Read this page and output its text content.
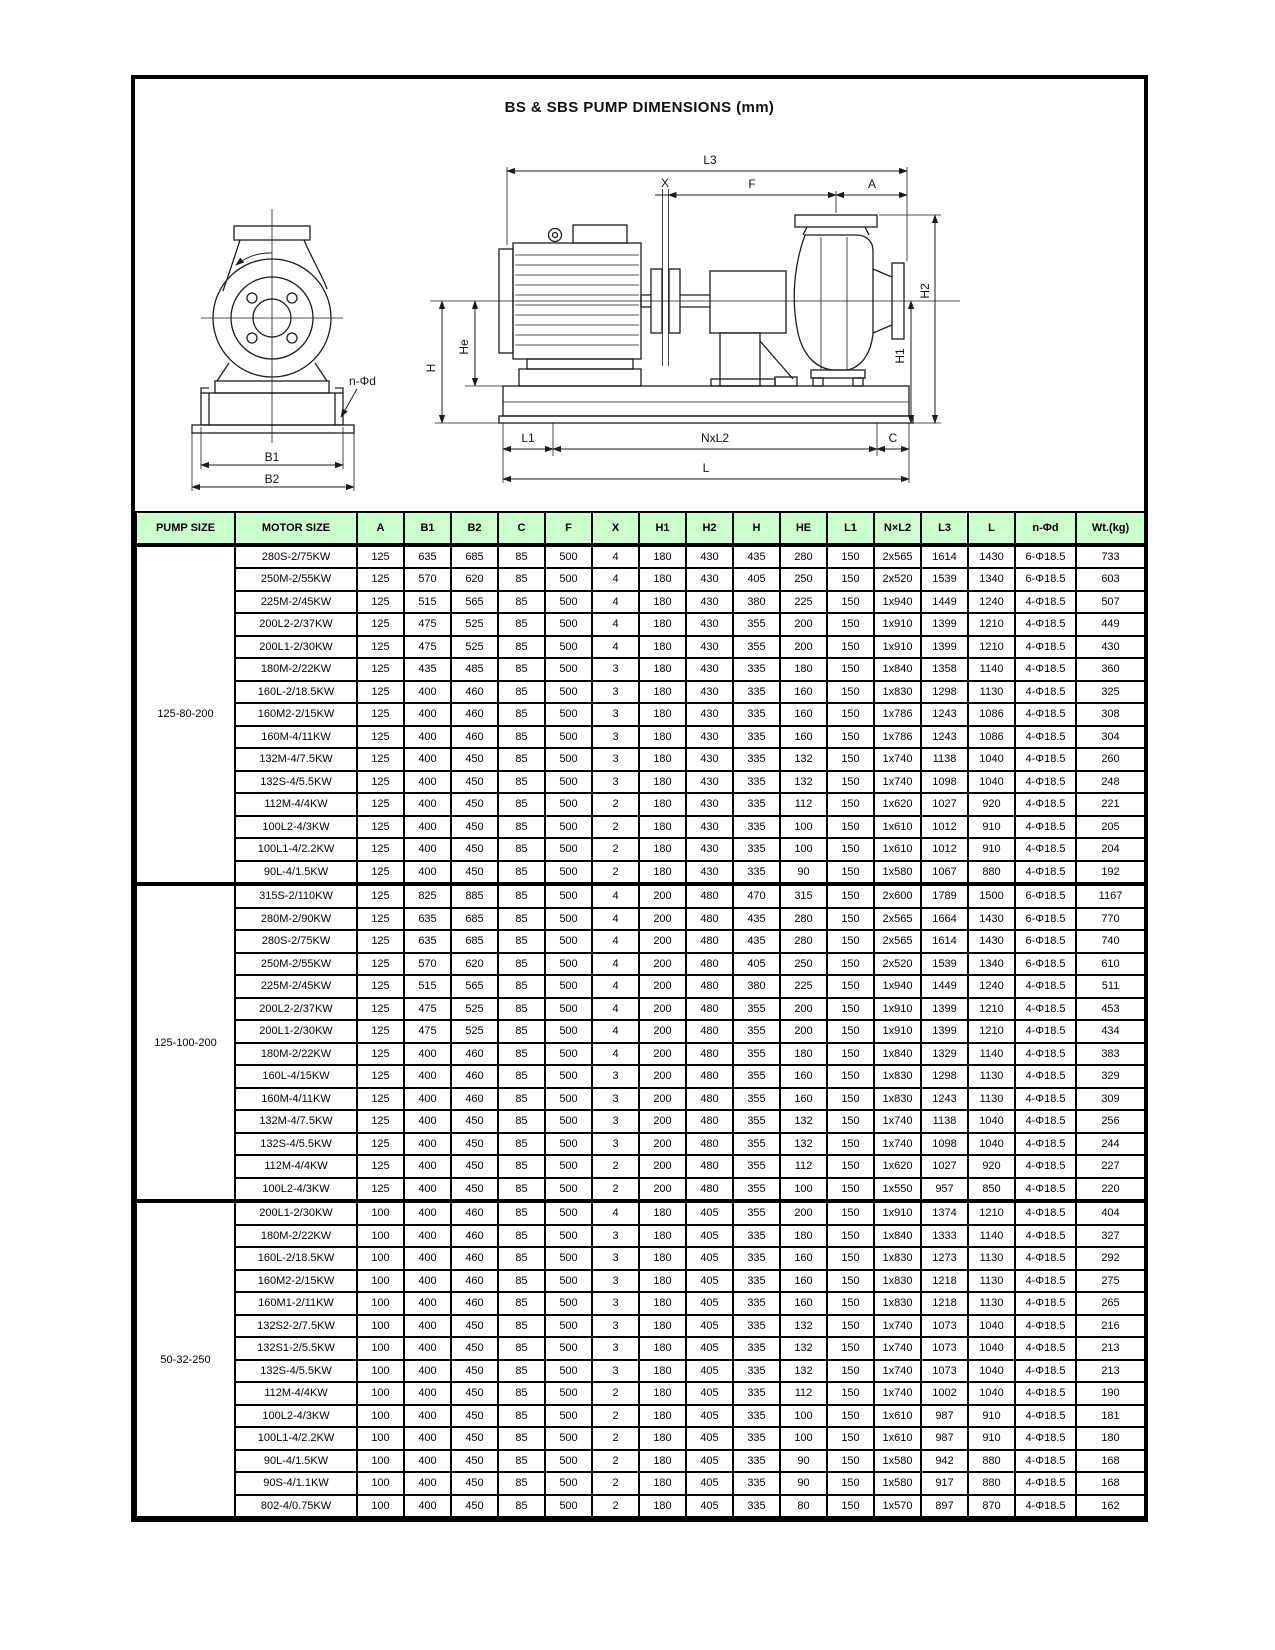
BS & SBS PUMP DIMENSIONS (mm)
n-Φd
B1
B2
L3
X	F	A
H2
H1
H
He
L1	NxL2	C
L
PUMP SIZE	MOTOR SIZE	A	B1	B2	C	F	X	H1	H2	H	HE	L1	N×L2	L3	L	n-Φd	Wt.(kg)
125-80-200	280S-2/75KW	125	635	685	85	500	4	180	430	435	280	150	2x565	1614	1430	6-Φ18.5	733
	250M-2/55KW	125	570	620	85	500	4	180	430	405	250	150	2x520	1539	1340	6-Φ18.5	603
	225M-2/45KW	125	515	565	85	500	4	180	430	380	225	150	1x940	1449	1240	4-Φ18.5	507
	200L2-2/37KW	125	475	525	85	500	4	180	430	355	200	150	1x910	1399	1210	4-Φ18.5	449
	200L1-2/30KW	125	475	525	85	500	4	180	430	355	200	150	1x910	1399	1210	4-Φ18.5	430
	180M-2/22KW	125	435	485	85	500	3	180	430	335	180	150	1x840	1358	1140	4-Φ18.5	360
	160L-2/18.5KW	125	400	460	85	500	3	180	430	335	160	150	1x830	1298	1130	4-Φ18.5	325
	160M2-2/15KW	125	400	460	85	500	3	180	430	335	160	150	1x786	1243	1086	4-Φ18.5	308
	160M-4/11KW	125	400	460	85	500	3	180	430	335	160	150	1x786	1243	1086	4-Φ18.5	304
	132M-4/7.5KW	125	400	450	85	500	3	180	430	335	132	150	1x740	1138	1040	4-Φ18.5	260
	132S-4/5.5KW	125	400	450	85	500	3	180	430	335	132	150	1x740	1098	1040	4-Φ18.5	248
	112M-4/4KW	125	400	450	85	500	2	180	430	335	112	150	1x620	1027	920	4-Φ18.5	221
	100L2-4/3KW	125	400	450	85	500	2	180	430	335	100	150	1x610	1012	910	4-Φ18.5	205
	100L1-4/2.2KW	125	400	450	85	500	2	180	430	335	100	150	1x610	1012	910	4-Φ18.5	204
	90L-4/1.5KW	125	400	450	85	500	2	180	430	335	90	150	1x580	1067	880	4-Φ18.5	192
125-100-200	315S-2/110KW	125	825	885	85	500	4	200	480	470	315	150	2x600	1789	1500	6-Φ18.5	1167
	280M-2/90KW	125	635	685	85	500	4	200	480	435	280	150	2x565	1664	1430	6-Φ18.5	770
	280S-2/75KW	125	635	685	85	500	4	200	480	435	280	150	2x565	1614	1430	6-Φ18.5	740
	250M-2/55KW	125	570	620	85	500	4	200	480	405	250	150	2x520	1539	1340	6-Φ18.5	610
	225M-2/45KW	125	515	565	85	500	4	200	480	380	225	150	1x940	1449	1240	4-Φ18.5	511
	200L2-2/37KW	125	475	525	85	500	4	200	480	355	200	150	1x910	1399	1210	4-Φ18.5	453
	200L1-2/30KW	125	475	525	85	500	4	200	480	355	200	150	1x910	1399	1210	4-Φ18.5	434
	180M-2/22KW	125	400	460	85	500	4	200	480	355	180	150	1x840	1329	1140	4-Φ18.5	383
	160L-4/15KW	125	400	460	85	500	3	200	480	355	160	150	1x830	1298	1130	4-Φ18.5	329
	160M-4/11KW	125	400	460	85	500	3	200	480	355	160	150	1x830	1243	1130	4-Φ18.5	309
	132M-4/7.5KW	125	400	450	85	500	3	200	480	355	132	150	1x740	1138	1040	4-Φ18.5	256
	132S-4/5.5KW	125	400	450	85	500	3	200	480	355	132	150	1x740	1098	1040	4-Φ18.5	244
	112M-4/4KW	125	400	450	85	500	2	200	480	355	112	150	1x620	1027	920	4-Φ18.5	227
	100L2-4/3KW	125	400	450	85	500	2	200	480	355	100	150	1x550	957	850	4-Φ18.5	220
50-32-250	200L1-2/30KW	100	400	460	85	500	4	180	405	355	200	150	1x910	1374	1210	4-Φ18.5	404
	180M-2/22KW	100	400	460	85	500	3	180	405	335	180	150	1x840	1333	1140	4-Φ18.5	327
	160L-2/18.5KW	100	400	460	85	500	3	180	405	335	160	150	1x830	1273	1130	4-Φ18.5	292
	160M2-2/15KW	100	400	460	85	500	3	180	405	335	160	150	1x830	1218	1130	4-Φ18.5	275
	160M1-2/11KW	100	400	460	85	500	3	180	405	335	160	150	1x830	1218	1130	4-Φ18.5	265
	132S2-2/7.5KW	100	400	450	85	500	3	180	405	335	132	150	1x740	1073	1040	4-Φ18.5	216
	132S1-2/5.5KW	100	400	450	85	500	3	180	405	335	132	150	1x740	1073	1040	4-Φ18.5	213
	132S-4/5.5KW	100	400	450	85	500	3	180	405	335	132	150	1x740	1073	1040	4-Φ18.5	213
	112M-4/4KW	100	400	450	85	500	2	180	405	335	112	150	1x740	1002	1040	4-Φ18.5	190
	100L2-4/3KW	100	400	450	85	500	2	180	405	335	100	150	1x610	987	910	4-Φ18.5	181
	100L1-4/2.2KW	100	400	450	85	500	2	180	405	335	100	150	1x610	987	910	4-Φ18.5	180
	90L-4/1.5KW	100	400	450	85	500	2	180	405	335	90	150	1x580	942	880	4-Φ18.5	168
	90S-4/1.1KW	100	400	450	85	500	2	180	405	335	90	150	1x580	917	880	4-Φ18.5	168
	802-4/0.75KW	100	400	450	85	500	2	180	405	335	80	150	1x570	897	870	4-Φ18.5	162
